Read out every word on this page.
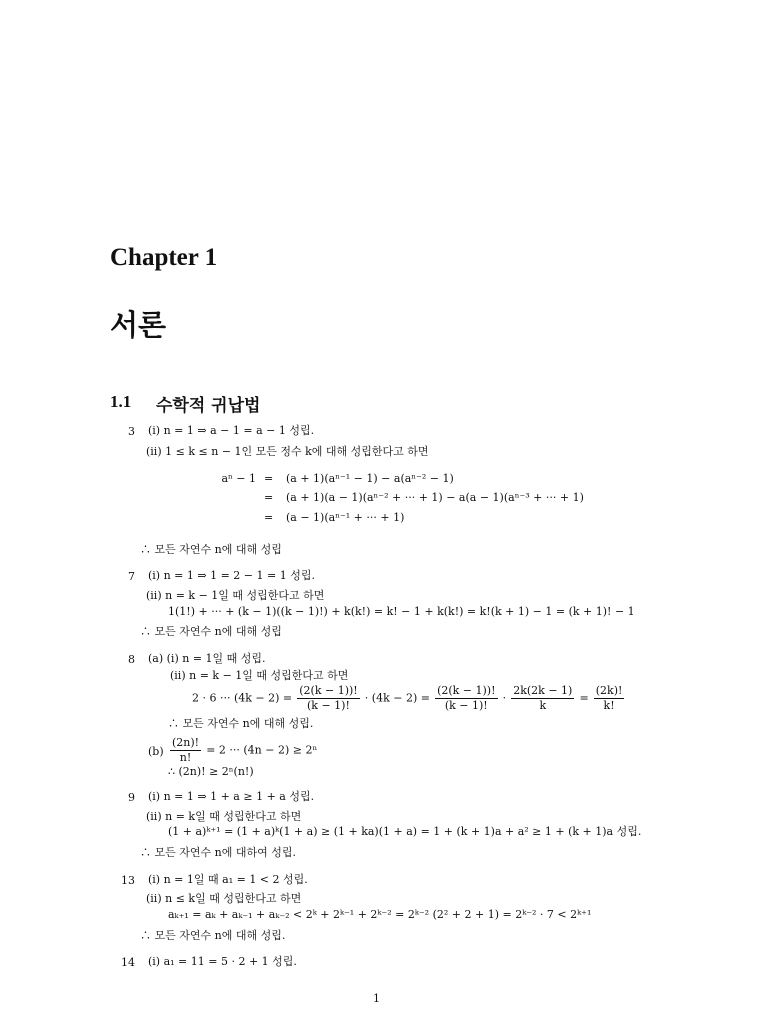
Chapter 1
서론
1.1 수학적 귀납법
3 (i) n = 1 ⇒ a − 1 = a − 1 성립.
(ii) 1 ≤ k ≤ n − 1인 모든 정수 k에 대해 성립한다고 하면
aⁿ − 1 = (a + 1)(aⁿ⁻¹ − 1) − a(aⁿ⁻² − 1)
= (a + 1)(a − 1)(aⁿ⁻² + ··· + 1) − a(a − 1)(aⁿ⁻³ + ··· + 1)
= (a − 1)(aⁿ⁻¹ + ··· + 1)
∴ 모든 자연수 n에 대해 성립
7 (i) n = 1 ⇒ 1 = 2 − 1 = 1 성립.
(ii) n = k − 1일 때 성립한다고 하면
1(1!) + ··· + (k − 1)((k − 1)!) + k(k!) = k! − 1 + k(k!) = k!(k + 1) − 1 = (k + 1)! − 1
∴ 모든 자연수 n에 대해 성립
8 (a) (i) n = 1일 때 성립.
(ii) n = k − 1일 때 성립한다고 하면
2 · 6 ··· $(4k - 2) = \frac{(2(k - 1))!}{(k - 1)!} \cdot (4k - 2) = \frac{(2(k - 1))!}{(k - 1)!} \cdot \frac{2k(2k - 1)}{k} = \frac{(2k)!}{k!}$
∴ 모든 자연수 n에 대해 성립.
$(b) \frac{(2n)!}{n!} = 2$ ··· (4n − 2) ≥ 2ⁿ
∴ (2n)! ≥ 2ⁿ(n!)
9 (i) n = 1 ⇒ 1 + a ≥ 1 + a 성립.
(ii) n = k일 때 성립한다고 하면
(1 + a)ᵏ⁺¹ = (1 + a)ᵏ(1 + a) ≥ (1 + ka)(1 + a) = 1 + (k + 1)a + a² ≥ 1 + (k + 1)a 성립.
∴ 모든 자연수 n에 대하여 성립.
13 (i) n = 1일 때 a₁ = 1 < 2 성립.
(ii) n ≤ k일 때 성립한다고 하면
aₖ₊₁ = aₖ + aₖ₋₁ + aₖ₋₂ < 2ᵏ + 2ᵏ⁻¹ + 2ᵏ⁻² = 2ᵏ⁻² (2² + 2 + 1) = 2ᵏ⁻² · 7 < 2ᵏ⁺¹
∴ 모든 자연수 n에 대해 성립.
14 (i) a₁ = 11 = 5 · 2 + 1 성립.
1
